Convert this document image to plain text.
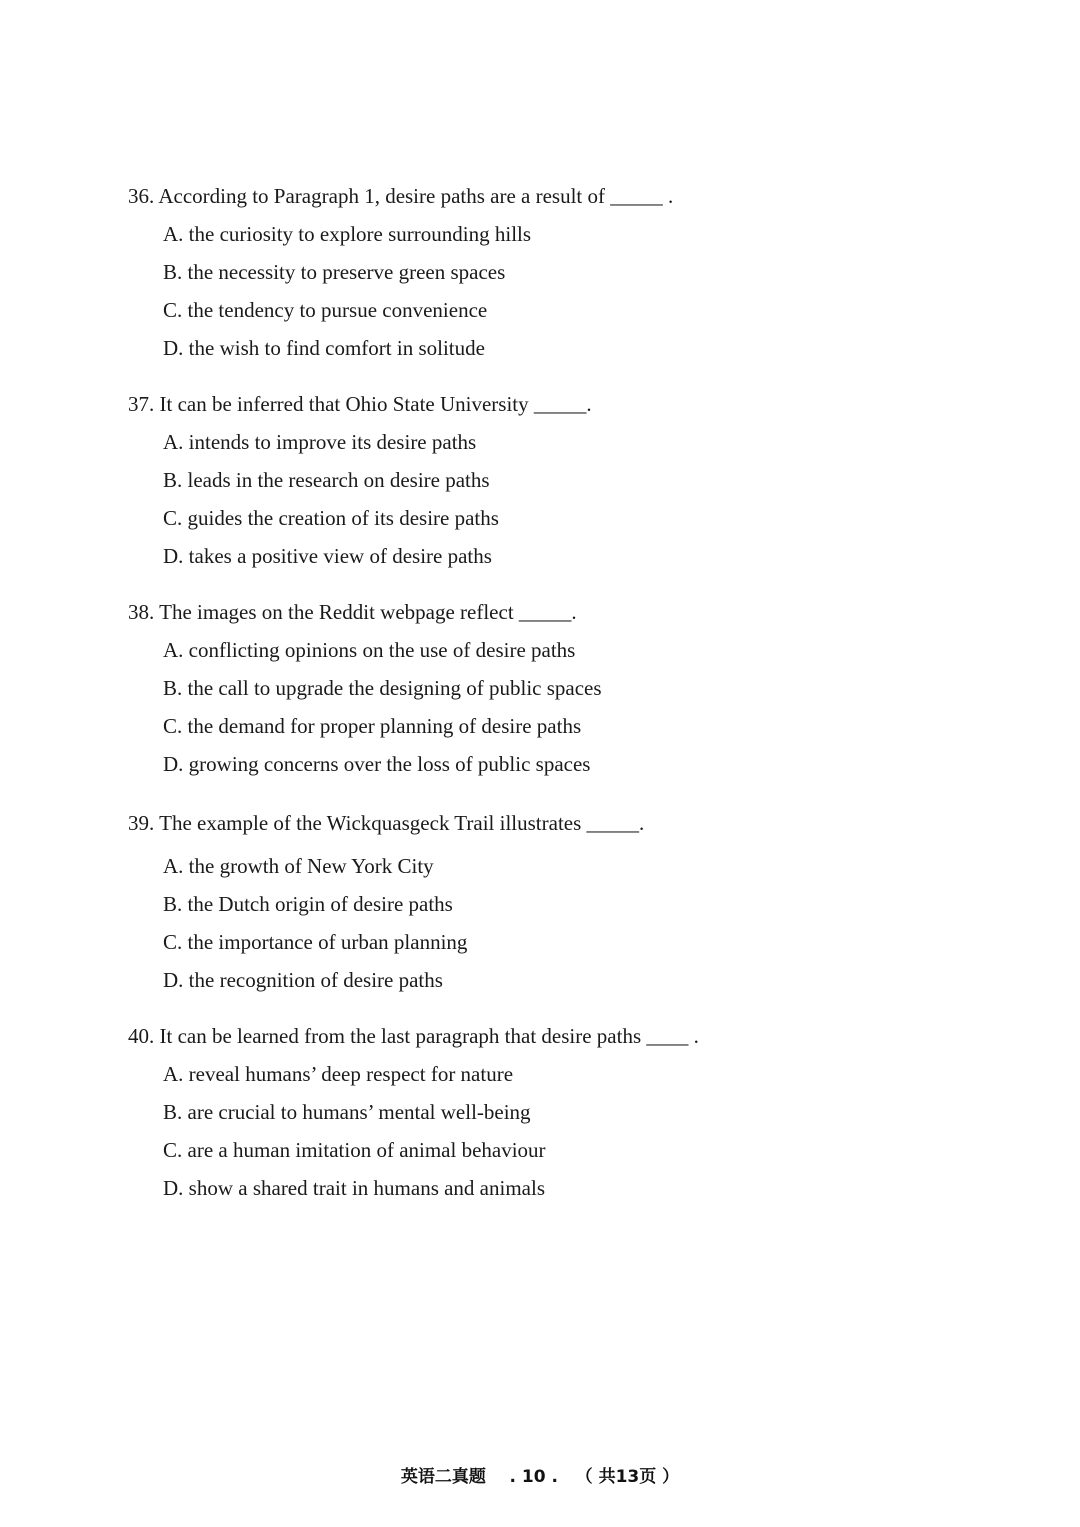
36. According to Paragraph 1, desire paths are a result of _____ .
A. the curiosity to explore surrounding hills
B. the necessity to preserve green spaces
C. the tendency to pursue convenience
D. the wish to find comfort in solitude
37. It can be inferred that Ohio State University _____.
A. intends to improve its desire paths
B. leads in the research on desire paths
C. guides the creation of its desire paths
D. takes a positive view of desire paths
38. The images on the Reddit webpage reflect _____.
A. conflicting opinions on the use of desire paths
B. the call to upgrade the designing of public spaces
C. the demand for proper planning of desire paths
D. growing concerns over the loss of public spaces
39. The example of the Wickquasgeck Trail illustrates _____.
A. the growth of New York City
B. the Dutch origin of desire paths
C. the importance of urban planning
D. the recognition of desire paths
40. It can be learned from the last paragraph that desire paths ____ .
A. reveal humans’ deep respect for nature
B. are crucial to humans’ mental well-being
C. are a human imitation of animal behaviour
D. show a shared trait in humans and animals
英语二真题    . 10 .   （ 共13页 ）
